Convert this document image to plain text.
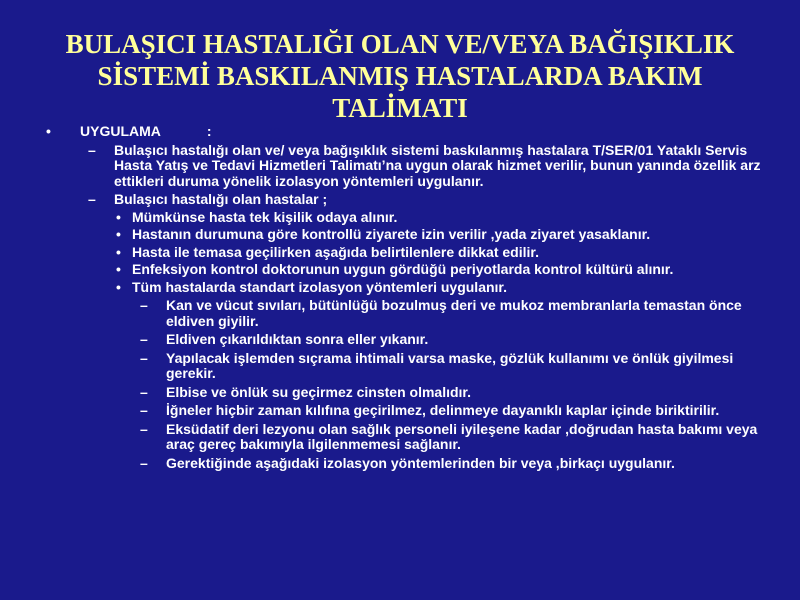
BULAŞICI HASTALIĞI OLAN VE/VEYA BAĞIŞIKLIK
SİSTEMİ BASKILANMIŞ HASTALARDA BAKIM
TALİMATI
• UYGULAMA	:
– Bulaşıcı hastalığı olan ve/ veya bağışıklık sistemi baskılanmış hastalara T/SER/01 Yataklı Servis Hasta Yatış ve Tedavi Hizmetleri Talimatı’na uygun olarak hizmet verilir, bunun yanında özellik arz ettikleri duruma yönelik izolasyon yöntemleri uygulanır.
– Bulaşıcı hastalığı olan hastalar ;
• Mümkünse hasta tek kişilik odaya alınır.
• Hastanın durumuna göre kontrollü ziyarete izin verilir ,yada ziyaret yasaklanır.
• Hasta ile temasa geçilirken aşağıda belirtilenlere dikkat edilir.
• Enfeksiyon kontrol doktorunun uygun gördüğü periyotlarda kontrol kültürü alınır.
• Tüm hastalarda standart izolasyon yöntemleri uygulanır.
– Kan ve vücut sıvıları, bütünlüğü bozulmuş deri ve mukoz membranlarla temastan önce eldiven giyilir.
– Eldiven çıkarıldıktan sonra eller yıkanır.
– Yapılacak işlemden sıçrama ihtimali varsa maske, gözlük kullanımı ve önlük giyilmesi gerekir.
– Elbise ve önlük su geçirmez cinsten olmalıdır.
– İğneler hiçbir zaman kılıfına geçirilmez, delinmeye dayanıklı kaplar içinde biriktirilir.
– Eksüdatif deri lezyonu olan sağlık personeli iyileşene kadar ,doğrudan hasta bakımı veya araç gereç bakımıyla ilgilenmemesi sağlanır.
– Gerektiğinde aşağıdaki izolasyon yöntemlerinden bir veya ,birkaçı uygulanır.
